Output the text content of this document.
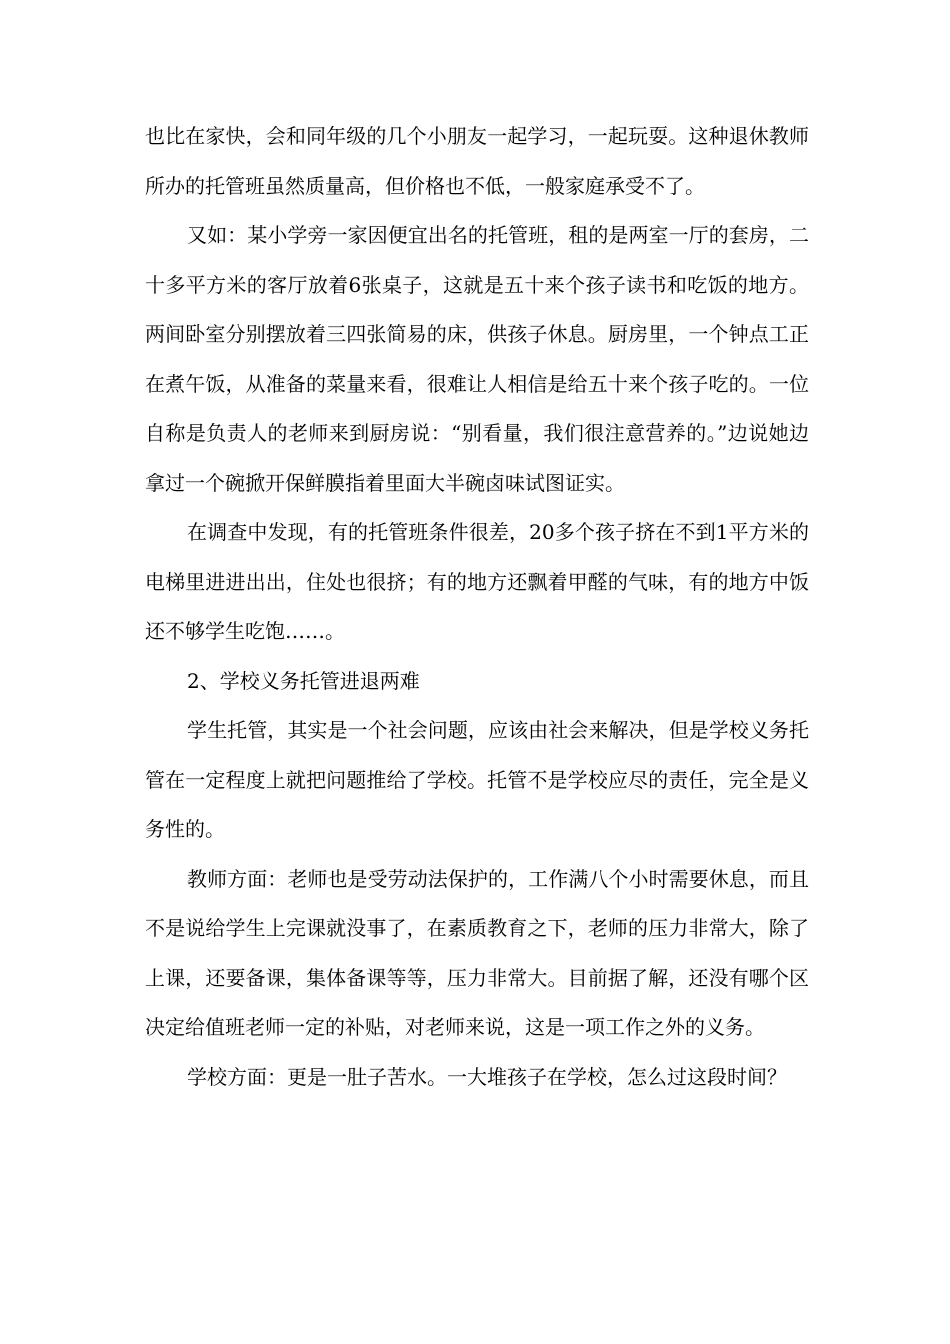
也比在家快，会和同年级的几个小朋友一起学习，一起玩耍。这种退休教师所办的托管班虽然质量高，但价格也不低，一般家庭承受不了。

又如：某小学旁一家因便宜出名的托管班，租的是两室一厅的套房，二十多平方米的客厅放着6张桌子，这就是五十来个孩子读书和吃饭的地方。两间卧室分别摆放着三四张简易的床，供孩子休息。厨房里，一个钟点工正在煮午饭，从准备的菜量来看，很难让人相信是给五十来个孩子吃的。一位自称是负责人的老师来到厨房说：“别看量，我们很注意营养的。”边说她边拿过一个碗掀开保鲜膜指着里面大半碗卤味试图证实。

在调查中发现，有的托管班条件很差，20多个孩子挤在不到1平方米的电梯里进进出出，住处也很挤；有的地方还飘着甲醛的气味，有的地方中饭还不够学生吃饱……。

2、学校义务托管进退两难

学生托管，其实是一个社会问题，应该由社会来解决，但是学校义务托管在一定程度上就把问题推给了学校。托管不是学校应尽的责任，完全是义务性的。

教师方面：老师也是受劳动法保护的，工作满八个小时需要休息，而且不是说给学生上完课就没事了，在素质教育之下，老师的压力非常大，除了上课，还要备课，集体备课等等，压力非常大。目前据了解，还没有哪个区决定给值班老师一定的补贴，对老师来说，这是一项工作之外的义务。

学校方面：更是一肚子苦水。一大堆孩子在学校，怎么过这段时间？
